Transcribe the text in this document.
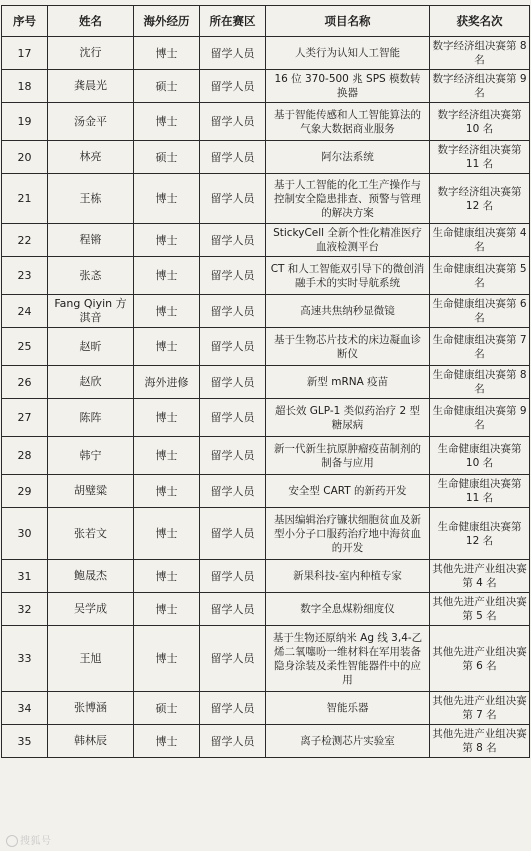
序号	姓名	海外经历	所在赛区	项目名称	获奖名次
17	沈行	博士	留学人员	人类行为认知人工智能	数字经济组决赛第 8 名
18	龚晨光	硕士	留学人员	16 位 370-500 兆 SPS 模数转换器	数字经济组决赛第 9 名
19	汤金平	博士	留学人员	基于智能传感和人工智能算法的气象大数据商业服务	数字经济组决赛第 10 名
20	林亮	硕士	留学人员	阿尔法系统	数字经济组决赛第 11 名
21	王栋	博士	留学人员	基于人工智能的化工生产操作与控制安全隐患排查、预警与管理的解决方案	数字经济组决赛第 12 名
22	程锵	博士	留学人员	StickyCell 全新个性化精准医疗血液检测平台	生命健康组决赛第 4 名
23	张忞	博士	留学人员	CT 和人工智能双引导下的微创消融手术的实时导航系统	生命健康组决赛第 5 名
24	Fang Qiyin 方淇音	博士	留学人员	高速共焦纳秒显微镜	生命健康组决赛第 6 名
25	赵昕	博士	留学人员	基于生物芯片技术的床边凝血诊断仪	生命健康组决赛第 7 名
26	赵欣	海外进修	留学人员	新型 mRNA 疫苗	生命健康组决赛第 8 名
27	陈阵	博士	留学人员	超长效 GLP-1 类似药治疗 2 型糖尿病	生命健康组决赛第 9 名
28	韩宁	博士	留学人员	新一代新生抗原肿瘤疫苗制剂的制备与应用	生命健康组决赛第 10 名
29	胡璧粱	博士	留学人员	安全型 CART 的新药开发	生命健康组决赛第 11 名
30	张若文	博士	留学人员	基因编辑治疗镰状细胞贫血及新型小分子口服药治疗地中海贫血的开发	生命健康组决赛第 12 名
31	鲍晟杰	博士	留学人员	新果科技-室内种植专家	其他先进产业组决赛第 4 名
32	吴学成	博士	留学人员	数字全息煤粉细度仪	其他先进产业组决赛第 5 名
33	王旭	博士	留学人员	基于生物还原纳米 Ag 线 3,4-乙烯二氧噻吩一维材料在军用装备隐身涂装及柔性智能器件中的应用	其他先进产业组决赛第 6 名
34	张博涵	硕士	留学人员	智能乐器	其他先进产业组决赛第 7 名
35	韩林辰	博士	留学人员	离子检测芯片实验室	其他先进产业组决赛第 8 名
搜狐号
